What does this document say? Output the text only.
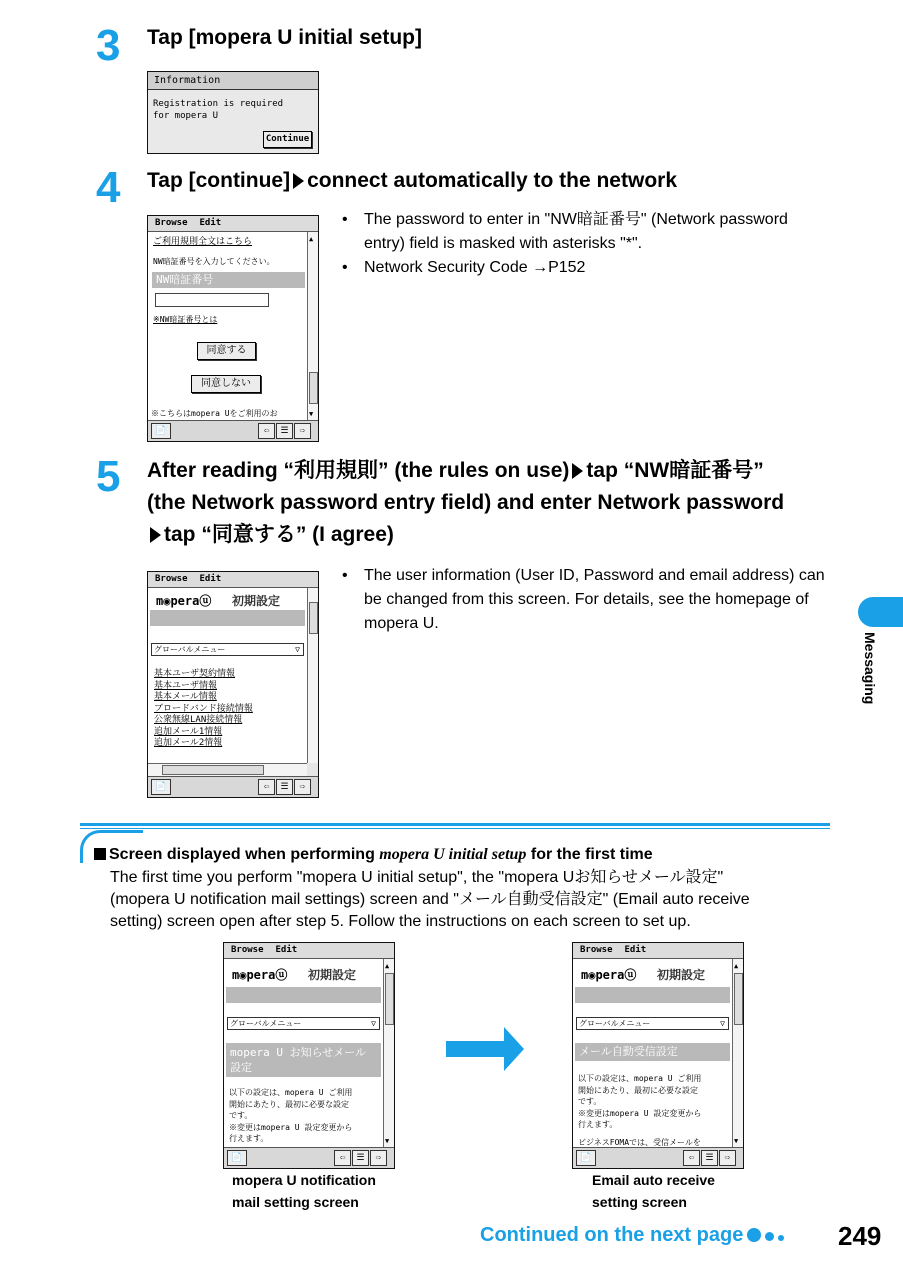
3 Tap [mopera U initial setup]
Information
Registration is required
for mopera U
Continue
4 Tap [continue] connect automatically to the network
Browse Edit
ご利用規則全文はこちら
NW暗証番号を入力してください。
NW暗証番号
※NW暗証番号とは
同意する
同意しない
※こちらはmopera Uをご利用のお
▲
▼
📄	⇦	☰	⇨
• The password to enter in "NW暗証番号" (Network password entry) field is masked with asterisks "*".
• Network Security Code →P152
5 After reading “利用規則” (the rules on use) tap “NW暗証番号”
(the Network password entry field) and enter Network password
tap “同意する” (I agree)
Browse Edit
m◉peraⓤ 初期設定
グローバルメニュー ▽
基本ユーザ契約情報
基本ユーザ情報
基本メール情報
ブロードバンド接続情報
公衆無線LAN接続情報
追加メール1情報
追加メール2情報
📄	⇦	☰	⇨
• The user information (User ID, Password and email address) can be changed from this screen. For details, see the homepage of mopera U.
Messaging
Screen displayed when performing mopera U initial setup for the first time
The first time you perform "mopera U initial setup", the "mopera Uお知らせメール設定"
(mopera U notification mail settings) screen and "メール自動受信設定" (Email auto receive
setting) screen open after step 5. Follow the instructions on each screen to set up.
Browse Edit
m◉peraⓤ 初期設定
グローバルメニュー ▽
mopera U お知らせメール設定
以下の設定は、mopera U ご利用
開始にあたり、最初に必要な設定
です。
※変更はmopera U 設定変更から
行えます。
▲
▼
📄	⇦	☰	⇨
mopera U notification
mail setting screen
Browse Edit
m◉peraⓤ 初期設定
グローバルメニュー ▽
メール自動受信設定
以下の設定は、mopera U ご利用
開始にあたり、最初に必要な設定
です。
※変更はmopera U 設定変更から
行えます。
ビジネスFOMAでは、受信メールを
▲
▼
📄	⇦	☰	⇨
Email auto receive
setting screen
Continued on the next page	249
